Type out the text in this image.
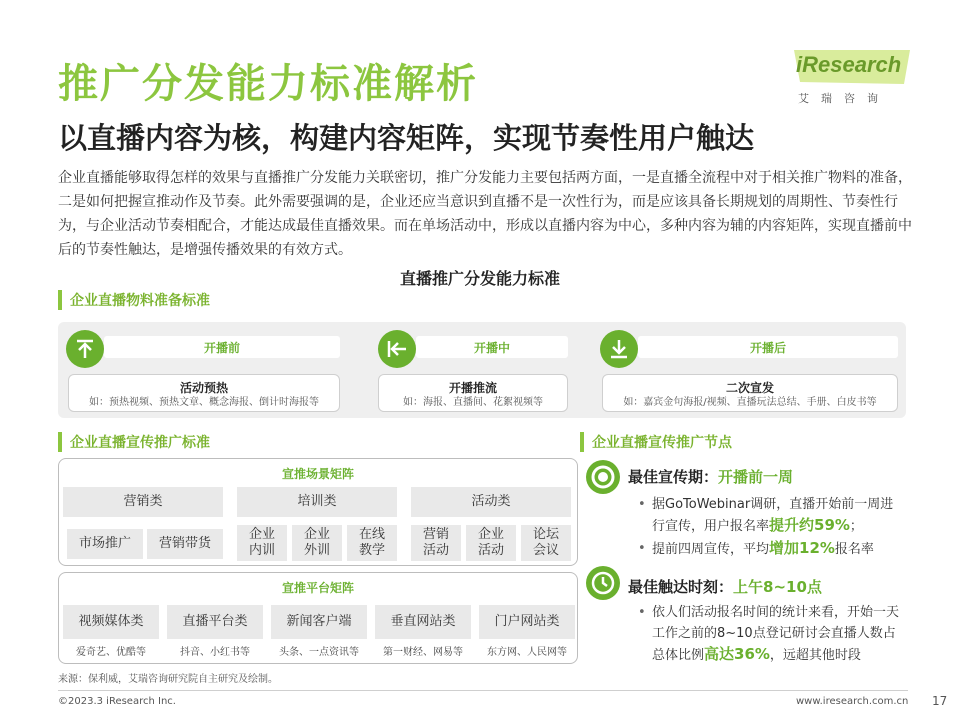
推广分发能力标准解析
以直播内容为核，构建内容矩阵，实现节奏性用户触达
iResearch
艾瑞咨询
企业直播能够取得怎样的效果与直播推广分发能力关联密切，推广分发能力主要包括两方面，一是直播全流程中对于相关推广物料的准备，二是如何把握宣推动作及节奏。此外需要强调的是，企业还应当意识到直播不是一次性行为，而是应该具备长期规划的周期性、节奏性行为，与企业活动节奏相配合，才能达成最佳直播效果。而在单场活动中，形成以直播内容为中心，多种内容为辅的内容矩阵，实现直播前中后的节奏性触达，是增强传播效果的有效方式。
直播推广分发能力标准
企业直播物料准备标准
开播前
活动预热
如：预热视频、预热文章、概念海报、倒计时海报等
开播中
开播推流
如：海报、直播间、花絮视频等
开播后
二次宣发
如：嘉宾金句海报/视频、直播玩法总结、手册、白皮书等
企业直播宣传推广标准
宣推场景矩阵
营销类
市场推广	营销带货
培训类
企业内训
企业外训
在线教学
活动类
营销活动
企业活动
论坛会议
宣推平台矩阵
视频媒体类
爱奇艺、优酷等
直播平台类
抖音、小红书等
新闻客户端
头条、一点资讯等
垂直网站类
第一财经、网易等
门户网站类
东方网、人民网等
企业直播宣传推广节点
最佳宣传期：开播前一周
• 据GoToWebinar调研，直播开始前一周进行宣传，用户报名率提升约59%；
• 提前四周宣传，平均增加12%报名率
最佳触达时刻：上午8~10点
• 依人们活动报名时间的统计来看，开始一天工作之前的8~10点登记研讨会直播人数占总体比例高达36%，远超其他时段
来源：保利威，艾瑞咨询研究院自主研究及绘制。
©2023.3 iResearch Inc.	www.iresearch.com.cn 17
